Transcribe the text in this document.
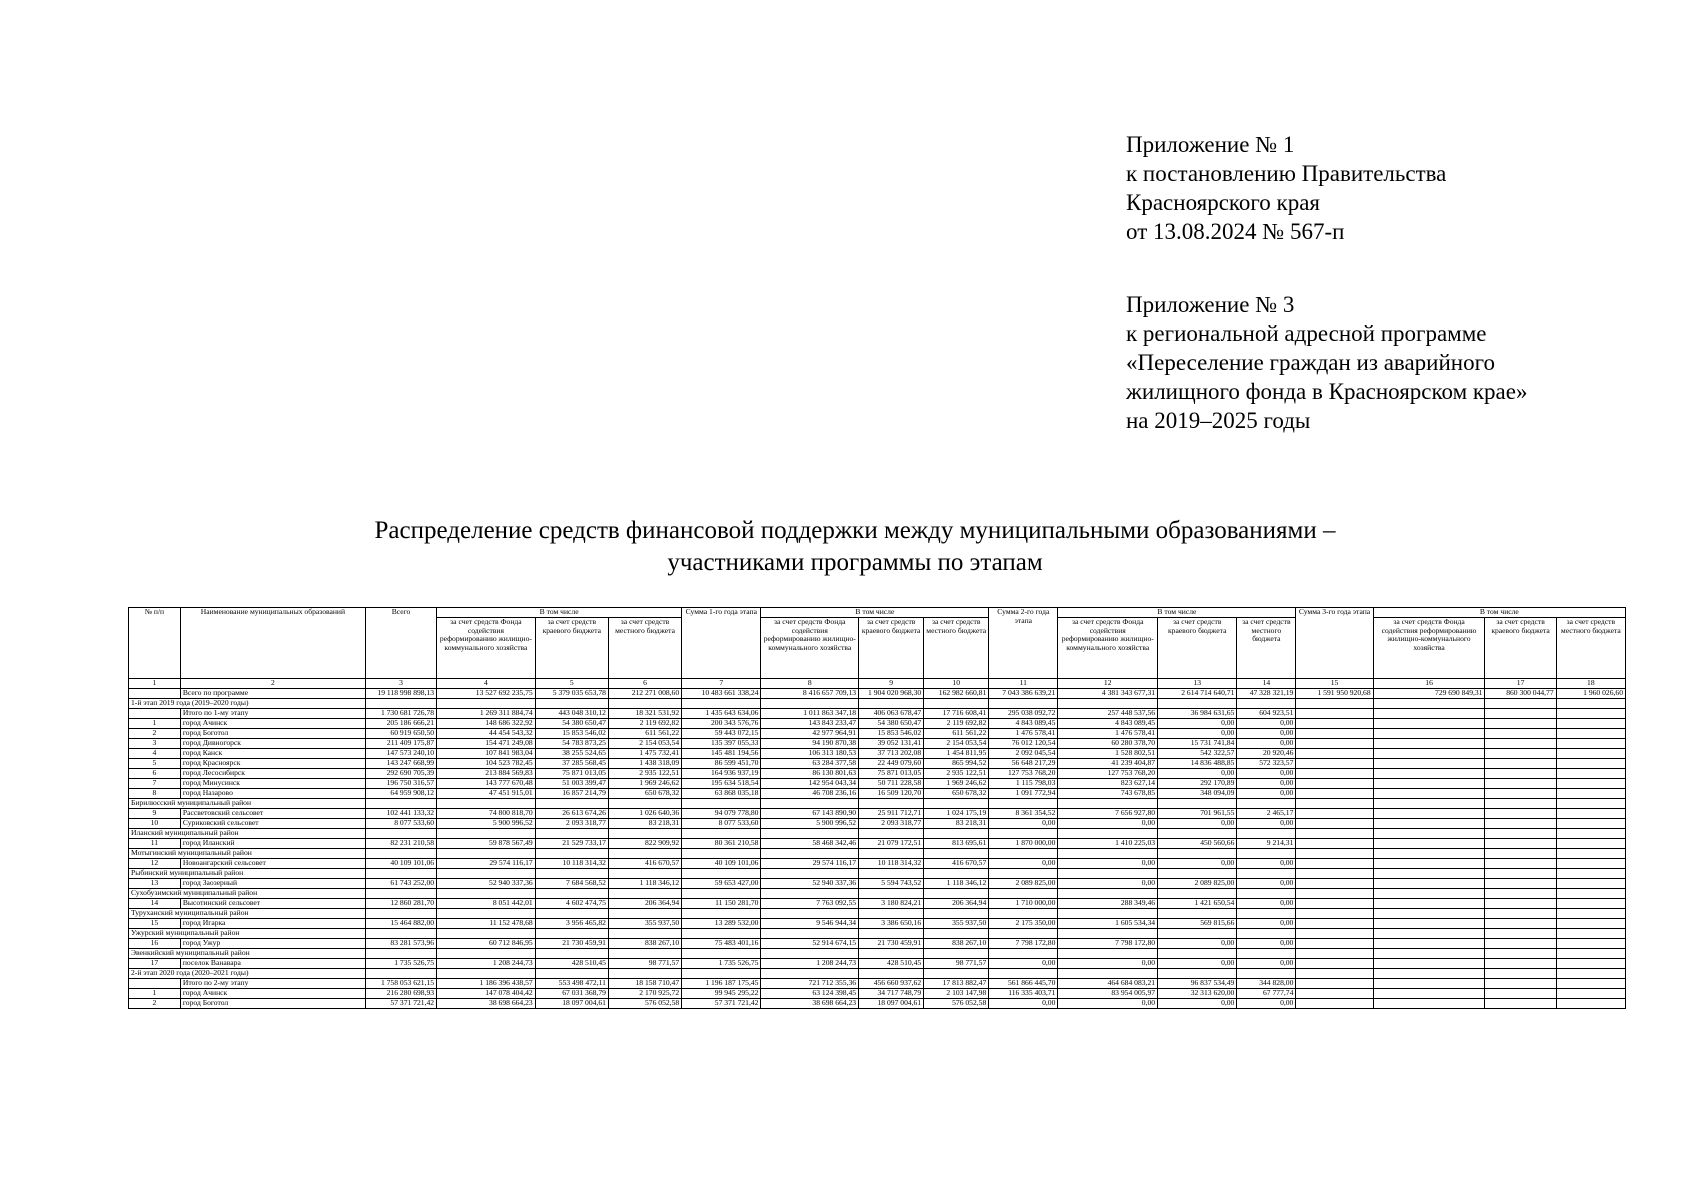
Приложение № 1
к постановлению Правительства
Красноярского края
от 13.08.2024 № 567-п
Приложение № 3
к региональной адресной программе
«Переселение граждан из аварийного
жилищного фонда в Красноярском крае»
на 2019–2025 годы
Распределение средств финансовой поддержки между муниципальными образованиями –
участниками программы по этапам
№ п/п	Наименование муниципальных образований	Всего	В том числе			Сумма 1-го года этапа	В том числе			Сумма 2-го года этапа	В том числе			Сумма 3-го года этапа	В том числе		
			за счет средств Фонда содействия реформированию жилищно-коммунального хозяйства	за счет средств краевого бюджета	за счет средств местного бюджета		за счет средств Фонда содействия реформированию жилищно-коммунального хозяйства	за счет средств краевого бюджета	за счет средств местного бюджета		за счет средств Фонда содействия реформированию жилищно-коммунального хозяйства	за счет средств краевого бюджета	за счет средств местного бюджета		за счет средств Фонда содействия реформированию жилищно-коммунального хозяйства	за счет средств краевого бюджета	за счет средств местного бюджета
1	2	3	4	5	6	7	8	9	10	11	12	13	14	15	16	17	18
	Всего по программе	19 118 998 898,13	13 527 692 235,75	5 379 035 653,78	212 271 008,60	10 483 661 338,24	8 416 657 709,13	1 904 020 968,30	162 982 660,81	7 043 386 639,21	4 381 343 677,31	2 614 714 640,71	47 328 321,19	1 591 950 920,68	729 690 849,31	860 300 044,77	1 960 026,60
1-й этап 2019 года (2019–2020 годы)																	
	Итого по 1-му этапу	1 730 681 726,78	1 269 311 884,74	443 048 310,12	18 321 531,92	1 435 643 634,06	1 011 863 347,18	406 063 678,47	17 716 608,41	295 038 092,72	257 448 537,56	36 984 631,65	604 923,51				
1	город Ачинск	205 186 666,21	148 686 322,92	54 380 650,47	2 119 692,82	200 343 576,76	143 843 233,47	54 380 650,47	2 119 692,82	4 843 089,45	4 843 089,45	0,00	0,00				
2	город Боготол	60 919 650,50	44 454 543,32	15 853 546,02	611 561,22	59 443 072,15	42 977 964,91	15 853 546,02	611 561,22	1 476 578,41	1 476 578,41	0,00	0,00				
3	город Дивногорск	211 409 175,87	154 471 249,08	54 783 873,25	2 154 053,54	135 397 055,33	94 190 870,38	39 052 131,41	2 154 053,54	76 012 120,54	60 280 378,70	15 731 741,84	0,00				
4	город Канск	147 573 240,10	107 841 983,04	38 255 524,65	1 475 732,41	145 481 194,56	106 313 180,53	37 713 202,08	1 454 811,95	2 092 045,54	1 528 802,51	542 322,57	20 920,46				
5	город Красноярск	143 247 668,99	104 523 782,45	37 285 568,45	1 438 318,09	86 599 451,70	63 284 377,58	22 449 079,60	865 994,52	56 648 217,29	41 239 404,87	14 836 488,85	572 323,57				
6	город Лесосибирск	292 690 705,39	213 884 569,83	75 871 013,05	2 935 122,51	164 936 937,19	86 130 801,63	75 871 013,05	2 935 122,51	127 753 768,20	127 753 768,20	0,00	0,00				
7	город Минусинск	196 750 316,57	143 777 670,48	51 003 399,47	1 969 246,62	195 634 518,54	142 954 043,34	50 711 228,58	1 969 246,62	1 115 798,03	823 627,14	292 170,89	0,00				
8	город Назарово	64 959 908,12	47 451 915,01	16 857 214,79	650 678,32	63 868 035,18	46 708 236,16	16 509 120,70	650 678,32	1 091 772,94	743 678,85	348 094,09	0,00				
Бирилюсский муниципальный район																	
9	Рассветовский сельсовет	102 441 133,32	74 800 818,70	26 613 674,26	1 026 640,36	94 079 778,80	67 143 890,90	25 911 712,71	1 024 175,19	8 361 354,52	7 656 927,80	701 961,55	2 465,17				
10	Суриковский сельсовет	8 077 533,60	5 900 996,52	2 093 318,77	83 218,31	8 077 533,60	5 900 996,52	2 093 318,77	83 218,31	0,00	0,00	0,00	0,00				
Иланский муниципальный район																	
11	город Иланский	82 231 210,58	59 878 567,49	21 529 733,17	822 909,92	80 361 210,58	58 468 342,46	21 079 172,51	813 695,61	1 870 000,00	1 410 225,03	450 560,66	9 214,31				
Мотыгинский муниципальный район																	
12	Новоангарский сельсовет	40 109 101,06	29 574 116,17	10 118 314,32	416 670,57	40 109 101,06	29 574 116,17	10 118 314,32	416 670,57	0,00	0,00	0,00	0,00				
Рыбинский муниципальный район																	
13	город Заозерный	61 743 252,00	52 940 337,36	7 684 568,52	1 118 346,12	59 653 427,00	52 940 337,36	5 594 743,52	1 118 346,12	2 089 825,00	0,00	2 089 825,00	0,00				
Сухобузимский муниципальный район																	
14	Высотинский сельсовет	12 860 281,70	8 051 442,01	4 602 474,75	206 364,94	11 150 281,70	7 763 092,55	3 180 824,21	206 364,94	1 710 000,00	288 349,46	1 421 650,54	0,00				
Туруханский муниципальный район																	
15	город Игарка	15 464 882,00	11 152 478,68	3 956 465,82	355 937,50	13 289 532,00	9 546 944,34	3 386 650,16	355 937,50	2 175 350,00	1 605 534,34	569 815,66	0,00				
Ужурский муниципальный район																	
16	город Ужур	83 281 573,96	60 712 846,95	21 730 459,91	838 267,10	75 483 401,16	52 914 674,15	21 730 459,91	838 267,10	7 798 172,80	7 798 172,80	0,00	0,00				
Эвенкийский муниципальный район																	
17	поселок Ванавара	1 735 526,75	1 208 244,73	428 510,45	98 771,57	1 735 526,75	1 208 244,73	428 510,45	98 771,57	0,00	0,00	0,00	0,00				
2-й этап 2020 года (2020–2021 годы)																	
	Итого по 2-му этапу	1 758 053 621,15	1 186 396 438,57	553 498 472,11	18 158 710,47	1 196 187 175,45	721 712 355,36	456 660 937,62	17 813 882,47	561 866 445,70	464 684 083,21	96 837 534,49	344 828,00				
1	город Ачинск	216 280 698,93	147 078 404,42	67 031 368,79	2 170 925,72	99 945 295,22	63 124 398,45	34 717 748,79	2 103 147,98	116 335 403,71	83 954 005,97	32 313 620,00	67 777,74				
2	город Боготол	57 371 721,42	38 698 664,23	18 097 004,61	576 052,58	57 371 721,42	38 698 664,23	18 097 004,61	576 052,58	0,00	0,00	0,00	0,00				
